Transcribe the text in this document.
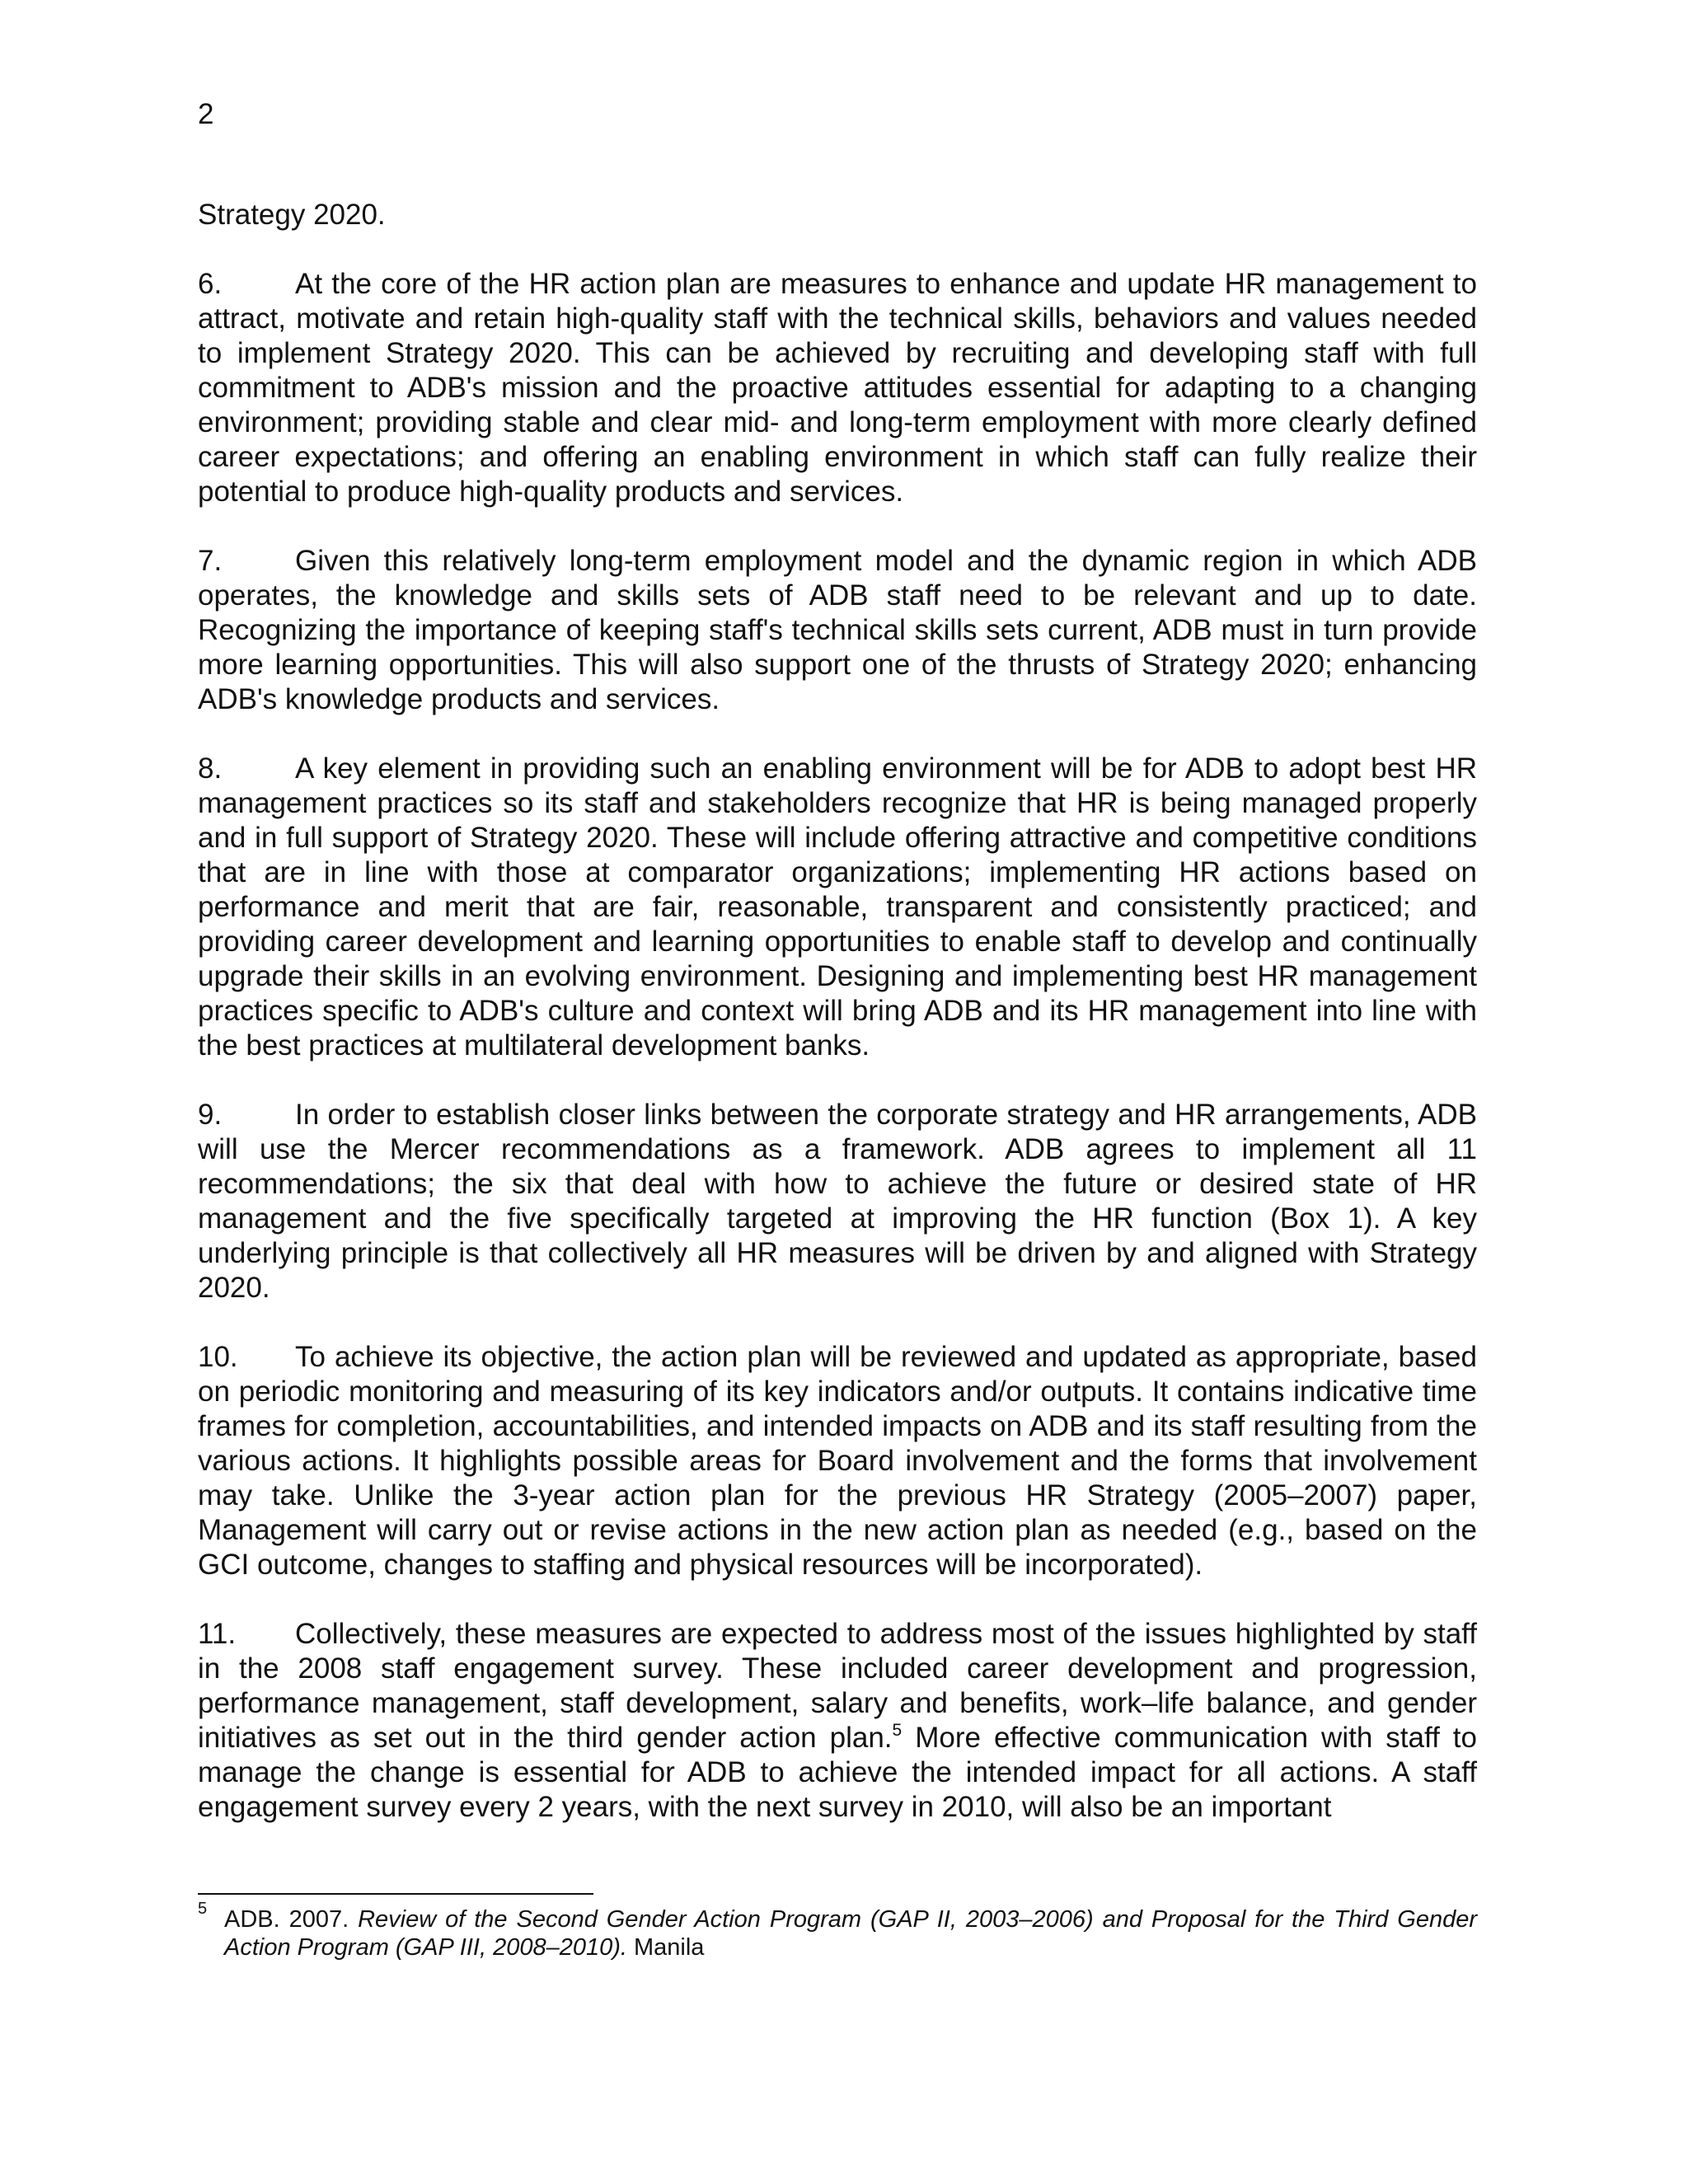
2
Strategy 2020.

6.	At the core of the HR action plan are measures to enhance and update HR management to attract, motivate and retain high-quality staff with the technical skills, behaviors and values needed to implement Strategy 2020. This can be achieved by recruiting and developing staff with full commitment to ADB's mission and the proactive attitudes essential for adapting to a changing environment; providing stable and clear mid- and long-term employment with more clearly defined career expectations; and offering an enabling environment in which staff can fully realize their potential to produce high-quality products and services.

7.	Given this relatively long-term employment model and the dynamic region in which ADB operates, the knowledge and skills sets of ADB staff need to be relevant and up to date. Recognizing the importance of keeping staff's technical skills sets current, ADB must in turn provide more learning opportunities. This will also support one of the thrusts of Strategy 2020; enhancing ADB's knowledge products and services.

8.	A key element in providing such an enabling environment will be for ADB to adopt best HR management practices so its staff and stakeholders recognize that HR is being managed properly and in full support of Strategy 2020. These will include offering attractive and competitive conditions that are in line with those at comparator organizations; implementing HR actions based on performance and merit that are fair, reasonable, transparent and consistently practiced; and providing career development and learning opportunities to enable staff to develop and continually upgrade their skills in an evolving environment. Designing and implementing best HR management practices specific to ADB's culture and context will bring ADB and its HR management into line with the best practices at multilateral development banks.

9.	In order to establish closer links between the corporate strategy and HR arrangements, ADB will use the Mercer recommendations as a framework. ADB agrees to implement all 11 recommendations; the six that deal with how to achieve the future or desired state of HR management and the five specifically targeted at improving the HR function (Box 1). A key underlying principle is that collectively all HR measures will be driven by and aligned with Strategy 2020.

10. To achieve its objective, the action plan will be reviewed and updated as appropriate, based on periodic monitoring and measuring of its key indicators and/or outputs. It contains indicative time frames for completion, accountabilities, and intended impacts on ADB and its staff resulting from the various actions. It highlights possible areas for Board involvement and the forms that involvement may take. Unlike the 3-year action plan for the previous HR Strategy (2005–2007) paper, Management will carry out or revise actions in the new action plan as needed (e.g., based on the GCI outcome, changes to staffing and physical resources will be incorporated).

11. Collectively, these measures are expected to address most of the issues highlighted by staff in the 2008 staff engagement survey. These included career development and progression, performance management, staff development, salary and benefits, work–life balance, and gender initiatives as set out in the third gender action plan.$^5$ More effective communication with staff to manage the change is essential for ADB to achieve the intended impact for all actions. A staff engagement survey every 2 years, with the next survey in 2010, will also be an important

5 ADB. 2007. Review of the Second Gender Action Program (GAP II, 2003–2006) and Proposal for the Third Gender Action Program (GAP III, 2008–2010). Manila
